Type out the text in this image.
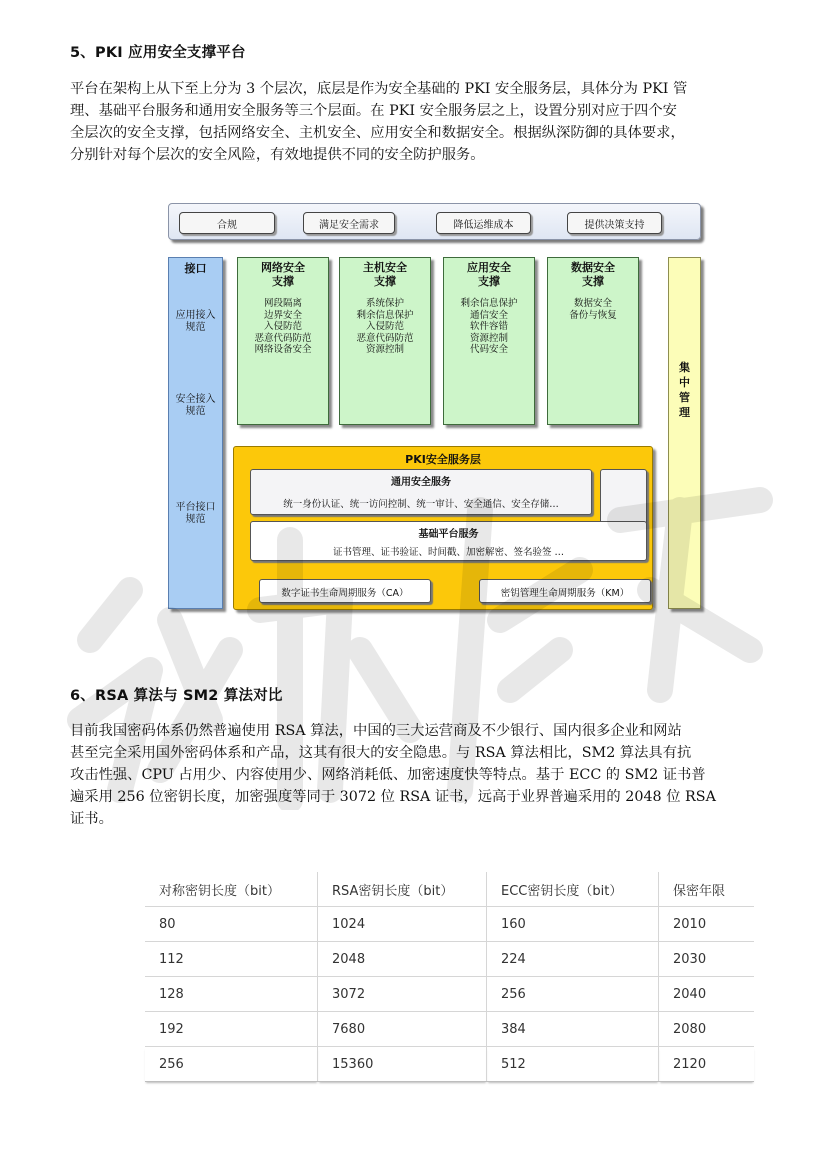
5、PKI 应用安全支撑平台
平台在架构上从下至上分为 3 个层次，底层是作为安全基础的 PKI 安全服务层，具体分为 PKI 管
理、基础平台服务和通用安全服务等三个层面。在 PKI 安全服务层之上，设置分别对应于四个安
全层次的安全支撑，包括网络安全、主机安全、应用安全和数据安全。根据纵深防御的具体要求，
分别针对每个层次的安全风险，有效地提供不同的安全防护服务。
合规	满足安全需求	降低运维成本	提供决策支持
接口
应用接入
规范
安全接入
规范
平台接口
规范
网络安全
支撑
网段隔离
边界安全
入侵防范
恶意代码防范
网络设备安全
主机安全
支撑
系统保护
剩余信息保护
入侵防范
恶意代码防范
资源控制
应用安全
支撑
剩余信息保护
通信安全
软件容错
资源控制
代码安全
数据安全
支撑
数据安全
备份与恢复
集
中
管
理
PKI安全服务层
通用安全服务
统一身份认证、统一访问控制、统一审计、安全通信、安全存储…
基础平台服务
证书管理、证书验证、时间戳、加密解密、签名验签 …
数字证书生命周期服务（CA）	密钥管理生命周期服务（KM）
6、RSA 算法与 SM2 算法对比
目前我国密码体系仍然普遍使用 RSA 算法，中国的三大运营商及不少银行、国内很多企业和网站
甚至完全采用国外密码体系和产品，这其有很大的安全隐患。与 RSA 算法相比，SM2 算法具有抗
攻击性强、CPU 占用少、内容使用少、网络消耗低、加密速度快等特点。基于 ECC 的 SM2 证书普
遍采用 256 位密钥长度，加密强度等同于 3072 位 RSA 证书，远高于业界普遍采用的 2048 位 RSA
证书。
对称密钥长度（bit）	RSA密钥长度（bit）	ECC密钥长度（bit）	保密年限
80	1024	160	2010
112	2048	224	2030
128	3072	256	2040
192	7680	384	2080
256	15360	512	2120
